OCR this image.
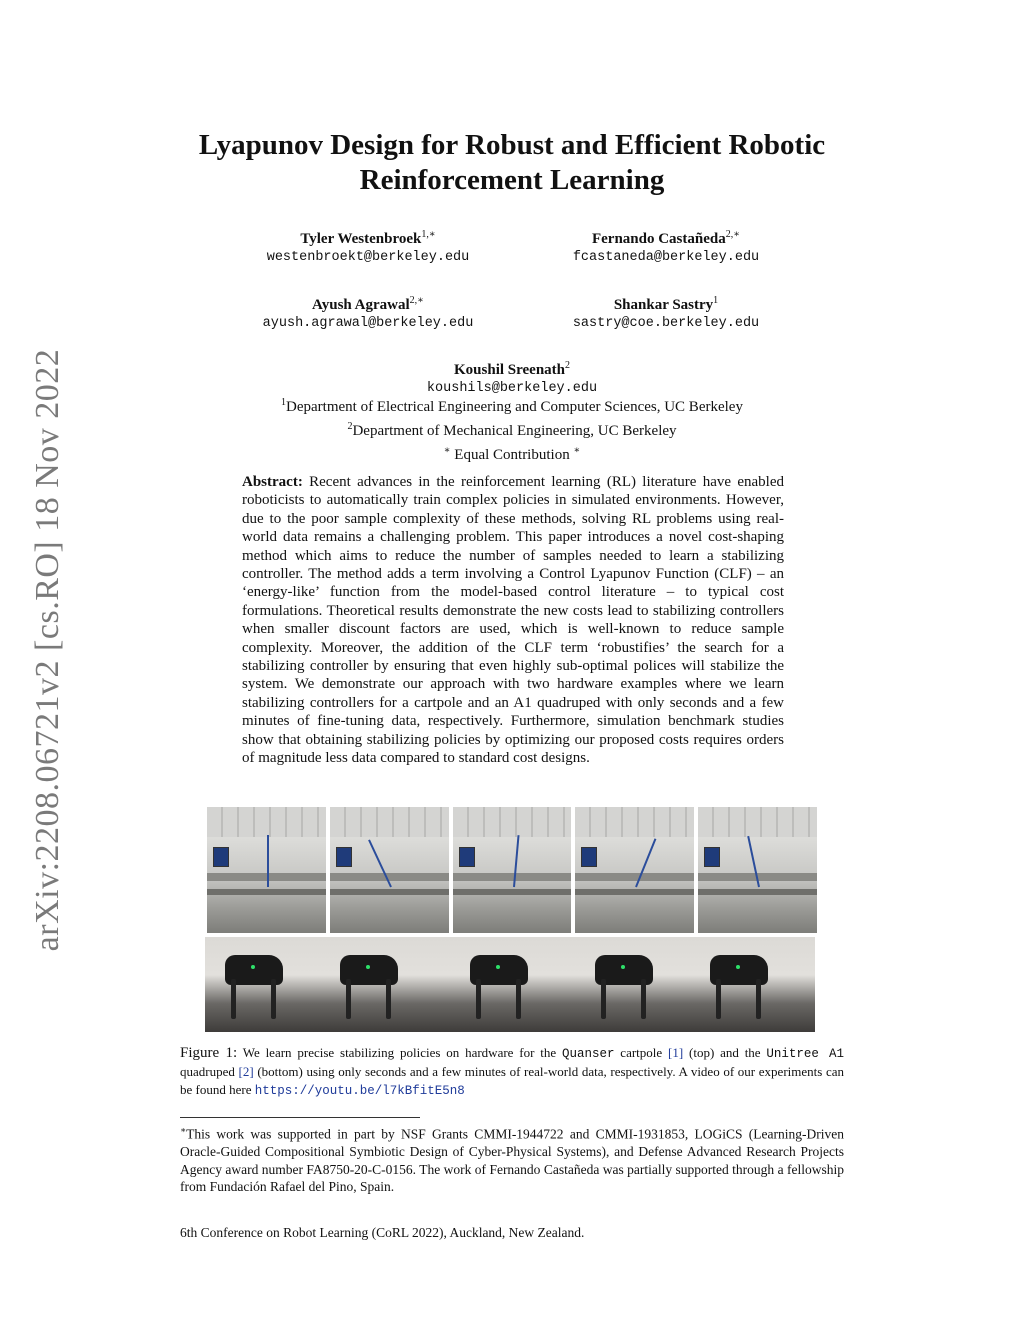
arXiv:2208.06721v2 [cs.RO] 18 Nov 2022
Lyapunov Design for Robust and Efficient Robotic
Reinforcement Learning
Tyler Westenbroek$^{1,∗}$
westenbroekt@berkeley.edu
Fernando Castañeda$^{2,∗}$
fcastaneda@berkeley.edu
Ayush Agrawal$^{2,∗}$
ayush.agrawal@berkeley.edu
Shankar Sastry$^1$
sastry@coe.berkeley.edu
Koushil Sreenath$^2$
koushils@berkeley.edu
$^1$Department of Electrical Engineering and Computer Sciences, UC Berkeley
$^2$Department of Mechanical Engineering, UC Berkeley
∗ Equal Contribution ∗
Abstract: Recent advances in the reinforcement learning (RL) literature have enabled roboticists to automatically train complex policies in simulated environments. However, due to the poor sample complexity of these methods, solving RL problems using real-world data remains a challenging problem. This paper introduces a novel cost-shaping method which aims to reduce the number of samples needed to learn a stabilizing controller. The method adds a term involving a Control Lyapunov Function (CLF) – an ‘energy-like’ function from the model-based control literature – to typical cost formulations. Theoretical results demonstrate the new costs lead to stabilizing controllers when smaller discount factors are used, which is well-known to reduce sample complexity. Moreover, the addition of the CLF term ‘robustifies’ the search for a stabilizing controller by ensuring that even highly sub-optimal polices will stabilize the system. We demonstrate our approach with two hardware examples where we learn stabilizing controllers for a cartpole and an A1 quadruped with only seconds and a few minutes of fine-tuning data, respectively. Furthermore, simulation benchmark studies show that obtaining stabilizing policies by optimizing our proposed costs requires orders of magnitude less data compared to standard cost designs.
Figure 1: We learn precise stabilizing policies on hardware for the Quanser cartpole [1] (top) and the Unitree A1 quadruped [2] (bottom) using only seconds and a few minutes of real-world data, respectively. A video of our experiments can be found here https://youtu.be/l7kBfitE5n8
∗This work was supported in part by NSF Grants CMMI-1944722 and CMMI-1931853, LOGiCS (Learning-Driven Oracle-Guided Compositional Symbiotic Design of Cyber-Physical Systems), and Defense Advanced Research Projects Agency award number FA8750-20-C-0156. The work of Fernando Castañeda was partially supported through a fellowship from Fundación Rafael del Pino, Spain.
6th Conference on Robot Learning (CoRL 2022), Auckland, New Zealand.
